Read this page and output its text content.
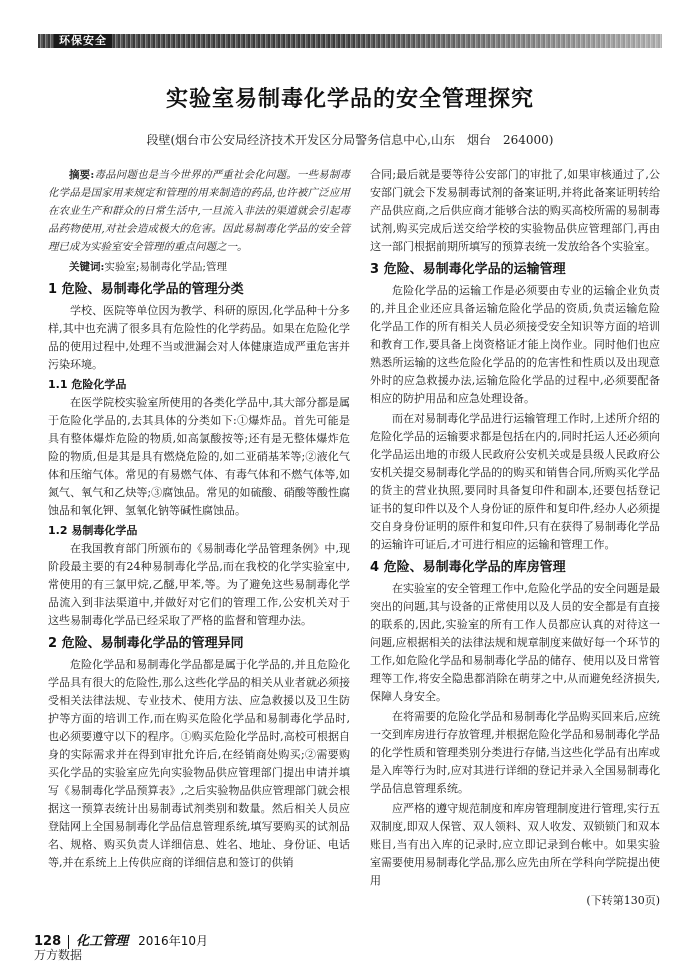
环保安全
实验室易制毒化学品的安全管理探究
段壁(烟台市公安局经济技术开发区分局警务信息中心,山东　烟台　264000)

摘要:毒品问题也是当今世界的严重社会化问题。一些易制毒化学品是国家用来规定和管理的用来制造的药品,也许被广泛应用在农业生产和群众的日常生活中,一旦流入非法的渠道就会引起毒品药物使用,对社会造成极大的危害。因此易制毒化学品的安全管理已成为实验室安全管理的重点问题之一。

关键词:实验室;易制毒化学品;管理

1 危险、易制毒化学品的管理分类

学校、医院等单位因为教学、科研的原因,化学品种十分多样,其中也充满了很多具有危险性的化学药品。如果在危险化学品的使用过程中,处理不当或泄漏会对人体健康造成严重危害并污染环境。

1.1 危险化学品

在医学院校实验室所使用的各类化学品中,其大部分都是属于危险化学品的,去其具体的分类如下:①爆炸品。首先可能是具有整体爆炸危险的物质,如高氯酸按等;还有是无整体爆炸危险的物质,但是其是具有燃烧危险的,如二亚硝基苯等;②液化气体和压缩气体。常见的有易燃气体、有毒气体和不燃气体等,如氮气、氧气和乙炔等;③腐蚀品。常见的如硫酸、硝酸等酸性腐蚀品和氧化钾、氢氧化钠等碱性腐蚀品。

1.2 易制毒化学品

在我国教育部门所颁布的《易制毒化学品管理条例》中,现阶段最主要的有24种易制毒化学品,而在我校的化学实验室中,常使用的有三氯甲烷,乙醚,甲苯,等。为了避免这些易制毒化学品流入到非法渠道中,并做好对它们的管理工作,公安机关对于这些易制毒化学品已经采取了严格的监督和管理办法。

2 危险、易制毒化学品的管理异同

危险化学品和易制毒化学品都是属于化学品的,并且危险化学品具有很大的危险性,那么这些化学品的相关从业者就必须接受相关法律法规、专业技术、使用方法、应急救援以及卫生防护等方面的培训工作,而在购买危险化学品和易制毒化学品时,也必须要遵守以下的程序。①购买危险化学品时,高校可根据自身的实际需求并在得到审批允许后,在经销商处购买;②需要购买化学品的实验室应先向实验物品供应管理部门提出申请并填写《易制毒化学品预算表》,之后实验物品供应管理部门就会根据这一预算表统计出易制毒试剂类别和数量。然后相关人员应登陆网上全国易制毒化学品信息管理系统,填写要购买的试剂品名、规格、购买负责人详细信息、姓名、地址、身份证、电话等,并在系统上上传供应商的详细信息和签订的供销

合同;最后就是要等待公安部门的审批了,如果审核通过了,公安部门就会下发易制毒试剂的备案证明,并将此备案证明转给产品供应商,之后供应商才能够合法的购买高校所需的易制毒试剂,购买完成后送交给学校的实验物品供应管理部门,再由这一部门根据前期所填写的预算表统一发放给各个实验室。

3 危险、易制毒化学品的运输管理

危险化学品的运输工作是必须要由专业的运输企业负责的,并且企业还应具备运输危险化学品的资质,负责运输危险化学品工作的所有相关人员必须接受安全知识等方面的培训和教育工作,要具备上岗资格证才能上岗作业。同时他们也应熟悉所运输的这些危险化学品的的危害性和性质以及出现意外时的应急救援办法,运输危险化学品的过程中,必须要配备相应的防护用品和应急处理设备。

而在对易制毒化学品进行运输管理工作时,上述所介绍的危险化学品的运输要求都是包括在内的,同时托运人还必须向化学品运出地的市级人民政府公安机关或是县级人民政府公安机关提交易制毒化学品的的购买和销售合同,所购买化学品的货主的营业执照,要同时具备复印件和副本,还要包括登记证书的复印件以及个人身份证的原件和复印件,经办人必须提交自身身份证明的原件和复印件,只有在获得了易制毒化学品的运输许可证后,才可进行相应的运输和管理工作。

4 危险、易制毒化学品的库房管理

在实验室的安全管理工作中,危险化学品的安全问题是最突出的问题,其与设备的正常使用以及人员的安全都是有直接的联系的,因此,实验室的所有工作人员都应认真的对待这一问题,应根据相关的法律法规和规章制度来做好每一个环节的工作,如危险化学品和易制毒化学品的储存、使用以及日常管理等工作,将安全隐患都消除在萌芽之中,从而避免经济损失,保障人身安全。

在将需要的危险化学品和易制毒化学品购买回来后,应统一交到库房进行存放管理,并根据危险化学品和易制毒化学品的化学性质和管理类别分类进行存储,当这些化学品有出库或是入库等行为时,应对其进行详细的登记并录入全国易制毒化学品信息管理系统。

应严格的遵守规范制度和库房管理制度进行管理,实行五双制度,即双人保管、双人领料、双人收发、双锁锁门和双本账目,当有出入库的记录时,应立即记录到台帐中。如果实验室需要使用易制毒化学品,那么应先由所在学科向学院提出使用

(下转第130页)
128 化工管理 2016年10月
万方数据
